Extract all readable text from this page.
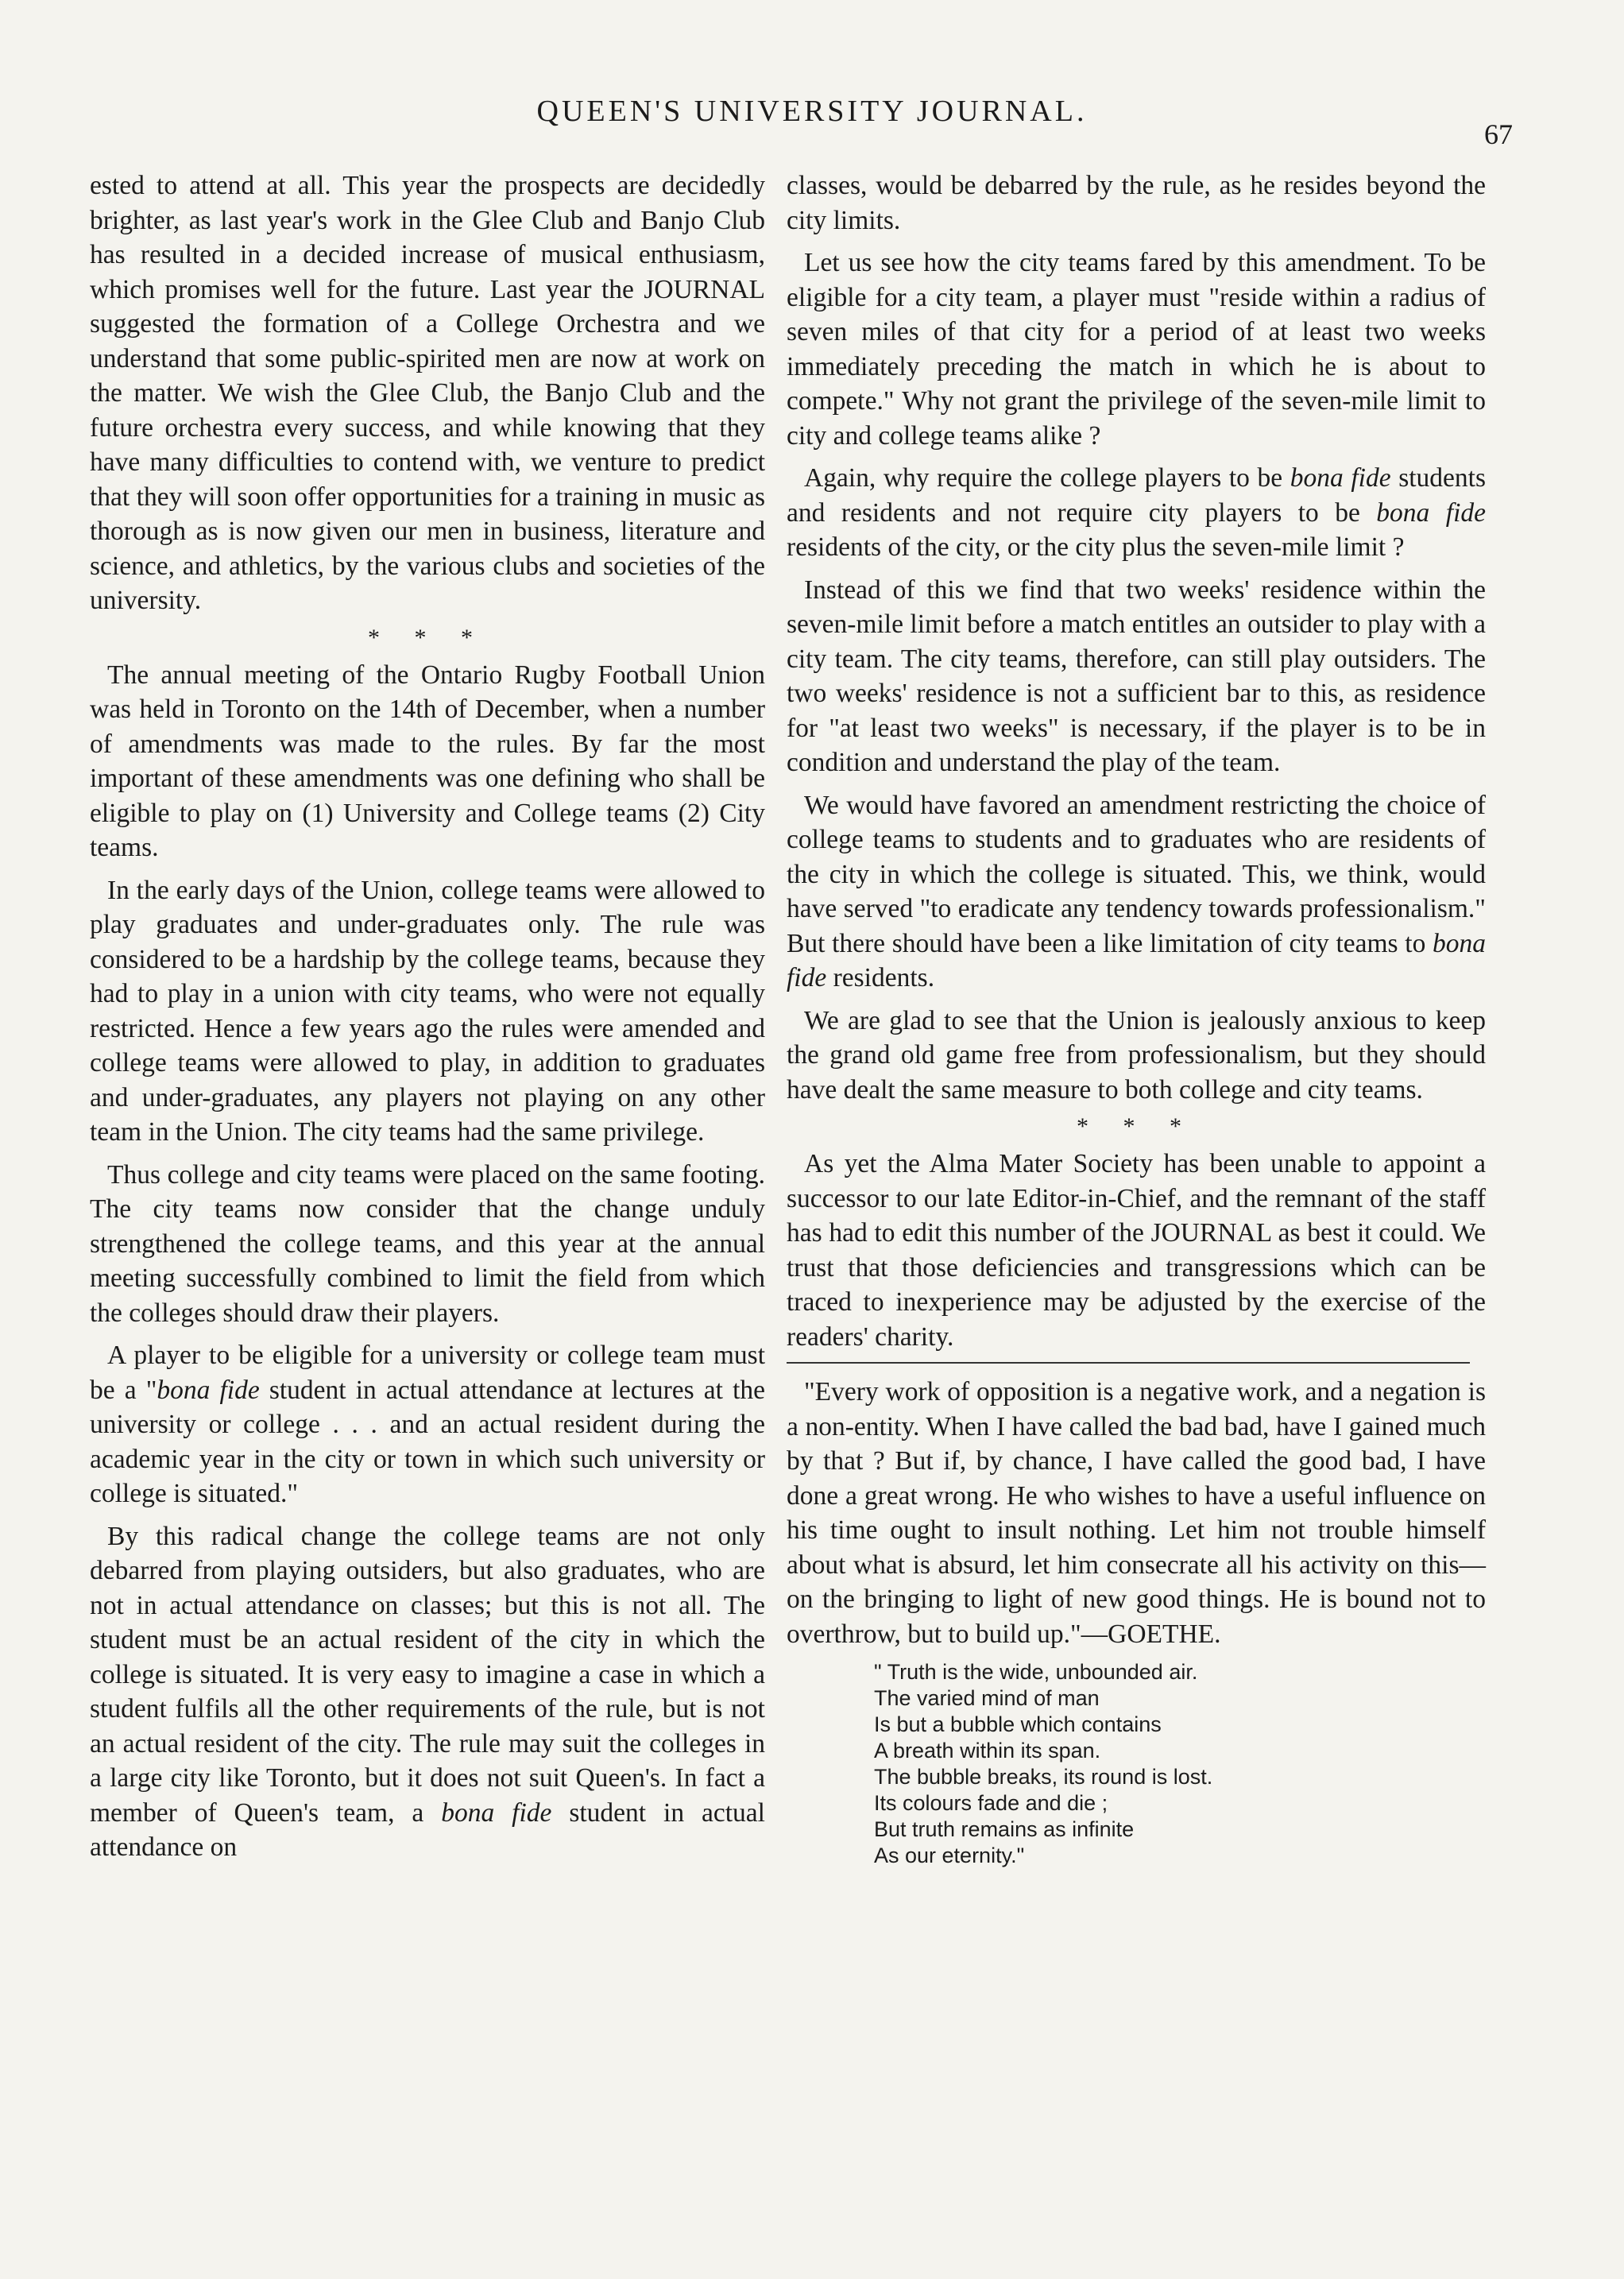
QUEEN'S UNIVERSITY JOURNAL.
67

ested to attend at all. This year the prospects are decidedly brighter, as last year's work in the Glee Club and Banjo Club has resulted in a decided increase of musical enthusiasm, which promises well for the future. Last year the JOURNAL suggested the formation of a College Orchestra and we understand that some public-spirited men are now at work on the matter. We wish the Glee Club, the Banjo Club and the future orchestra every success, and while knowing that they have many difficulties to contend with, we venture to predict that they will soon offer opportunities for a training in music as thorough as is now given our men in business, literature and science, and athletics, by the various clubs and societies of the university.

* * *

The annual meeting of the Ontario Rugby Football Union was held in Toronto on the 14th of December, when a number of amendments was made to the rules. By far the most important of these amendments was one defining who shall be eligible to play on (1) University and College teams (2) City teams.

In the early days of the Union, college teams were allowed to play graduates and under-graduates only. The rule was considered to be a hardship by the college teams, because they had to play in a union with city teams, who were not equally restricted. Hence a few years ago the rules were amended and college teams were allowed to play, in addition to graduates and under-graduates, any players not playing on any other team in the Union. The city teams had the same privilege.

Thus college and city teams were placed on the same footing. The city teams now consider that the change unduly strengthened the college teams, and this year at the annual meeting successfully combined to limit the field from which the colleges should draw their players.

A player to be eligible for a university or college team must be a "bona fide student in actual attendance at lectures at the university or college . . . and an actual resident during the academic year in the city or town in which such university or college is situated."

By this radical change the college teams are not only debarred from playing outsiders, but also graduates, who are not in actual attendance on classes; but this is not all. The student must be an actual resident of the city in which the college is situated. It is very easy to imagine a case in which a student fulfils all the other requirements of the rule, but is not an actual resident of the city. The rule may suit the colleges in a large city like Toronto, but it does not suit Queen's. In fact a member of Queen's team, a bona fide student in actual attendance on

classes, would be debarred by the rule, as he resides beyond the city limits.

Let us see how the city teams fared by this amendment. To be eligible for a city team, a player must "reside within a radius of seven miles of that city for a period of at least two weeks immediately preceding the match in which he is about to compete." Why not grant the privilege of the seven-mile limit to city and college teams alike ?

Again, why require the college players to be bona fide students and residents and not require city players to be bona fide residents of the city, or the city plus the seven-mile limit ?

Instead of this we find that two weeks' residence within the seven-mile limit before a match entitles an outsider to play with a city team. The city teams, therefore, can still play outsiders. The two weeks' residence is not a sufficient bar to this, as residence for "at least two weeks" is necessary, if the player is to be in condition and understand the play of the team.

We would have favored an amendment restricting the choice of college teams to students and to graduates who are residents of the city in which the college is situated. This, we think, would have served "to eradicate any tendency towards professionalism." But there should have been a like limitation of city teams to bona fide residents.

We are glad to see that the Union is jealously anxious to keep the grand old game free from professionalism, but they should have dealt the same measure to both college and city teams.

* * *

As yet the Alma Mater Society has been unable to appoint a successor to our late Editor-in-Chief, and the remnant of the staff has had to edit this number of the JOURNAL as best it could. We trust that those deficiencies and transgressions which can be traced to inexperience may be adjusted by the exercise of the readers' charity.

"Every work of opposition is a negative work, and a negation is a non-entity. When I have called the bad bad, have I gained much by that ? But if, by chance, I have called the good bad, I have done a great wrong. He who wishes to have a useful influence on his time ought to insult nothing. Let him not trouble himself about what is absurd, let him consecrate all his activity on this—on the bringing to light of new good things. He is bound not to overthrow, but to build up."—GOETHE.

" Truth is the wide, unbounded air.
The varied mind of man
Is but a bubble which contains
A breath within its span.
The bubble breaks, its round is lost.
Its colours fade and die ;
But truth remains as infinite
As our eternity."
